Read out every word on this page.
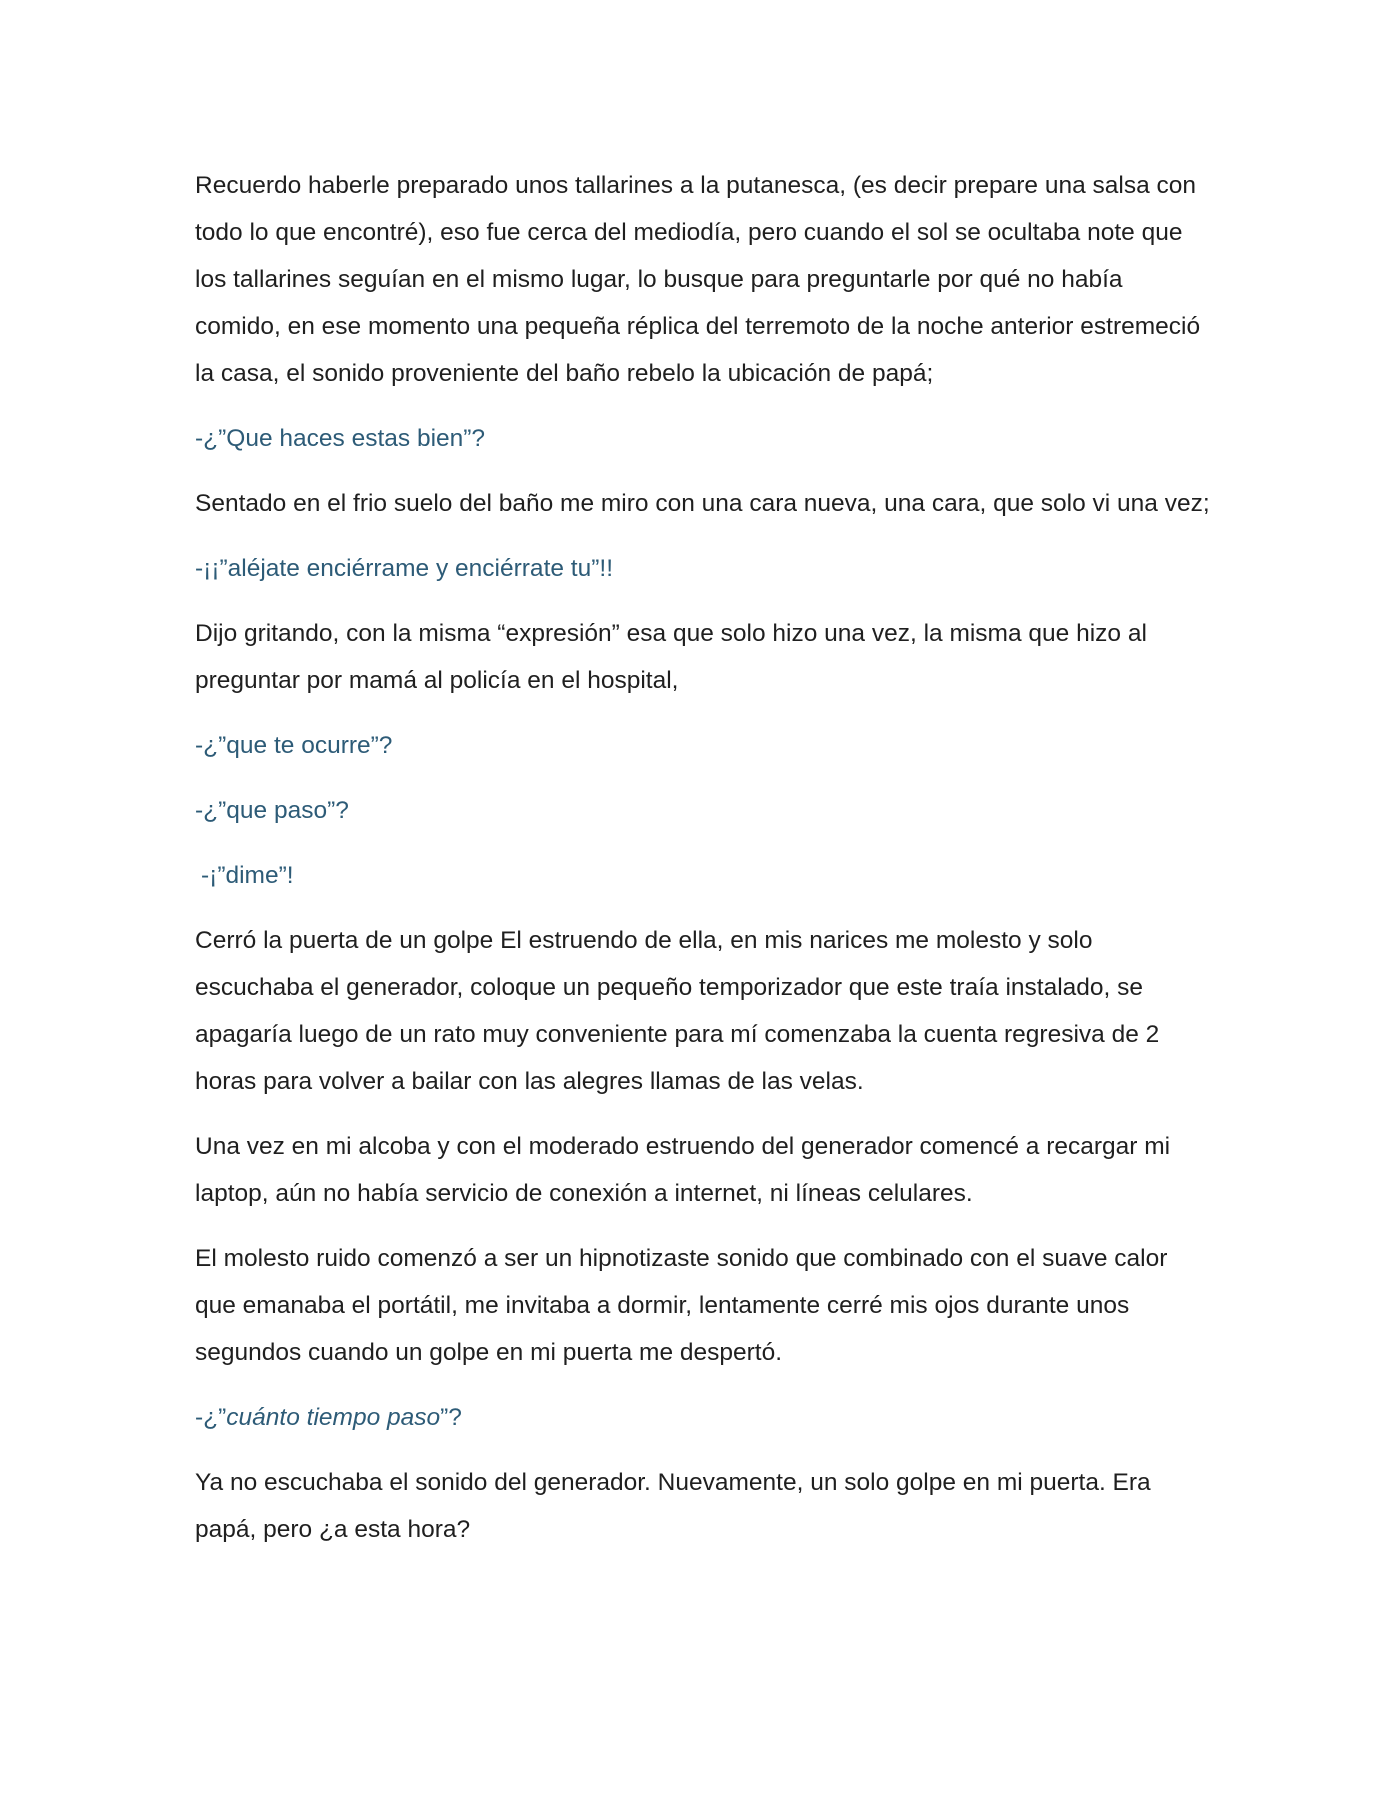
Recuerdo haberle preparado unos tallarines a la putanesca, (es decir prepare una salsa con todo lo que encontré), eso fue cerca del mediodía, pero cuando el sol se ocultaba note que los tallarines seguían en el mismo lugar, lo busque para preguntarle por qué no había comido, en ese momento una pequeña réplica del terremoto de la noche anterior estremeció la casa, el sonido proveniente del baño rebelo la ubicación de papá;

-¿”Que haces estas bien”?

Sentado en el frio suelo del baño me miro con una cara nueva, una cara, que solo vi una vez;

-¡¡”aléjate enciérrame y enciérrate tu”!!

Dijo gritando, con la misma “expresión” esa que solo hizo una vez, la misma que hizo al preguntar por mamá al policía en el hospital,

-¿”que te ocurre”?

-¿”que paso”?

-¡”dime”!

Cerró la puerta de un golpe El estruendo de ella, en mis narices me molesto y solo escuchaba el generador, coloque un pequeño temporizador que este traía instalado, se apagaría luego de un rato muy conveniente para mí comenzaba la cuenta regresiva de 2 horas para volver a bailar con las alegres llamas de las velas.

Una vez en mi alcoba y con el moderado estruendo del generador comencé a recargar mi laptop, aún no había servicio de conexión a internet, ni líneas celulares.

El molesto ruido comenzó a ser un hipnotizaste sonido que combinado con el suave calor que emanaba el portátil, me invitaba a dormir, lentamente cerré mis ojos durante unos segundos cuando un golpe en mi puerta me despertó.

-¿”cuánto tiempo paso”?

Ya no escuchaba el sonido del generador. Nuevamente, un solo golpe en mi puerta. Era papá, pero ¿a esta hora?
